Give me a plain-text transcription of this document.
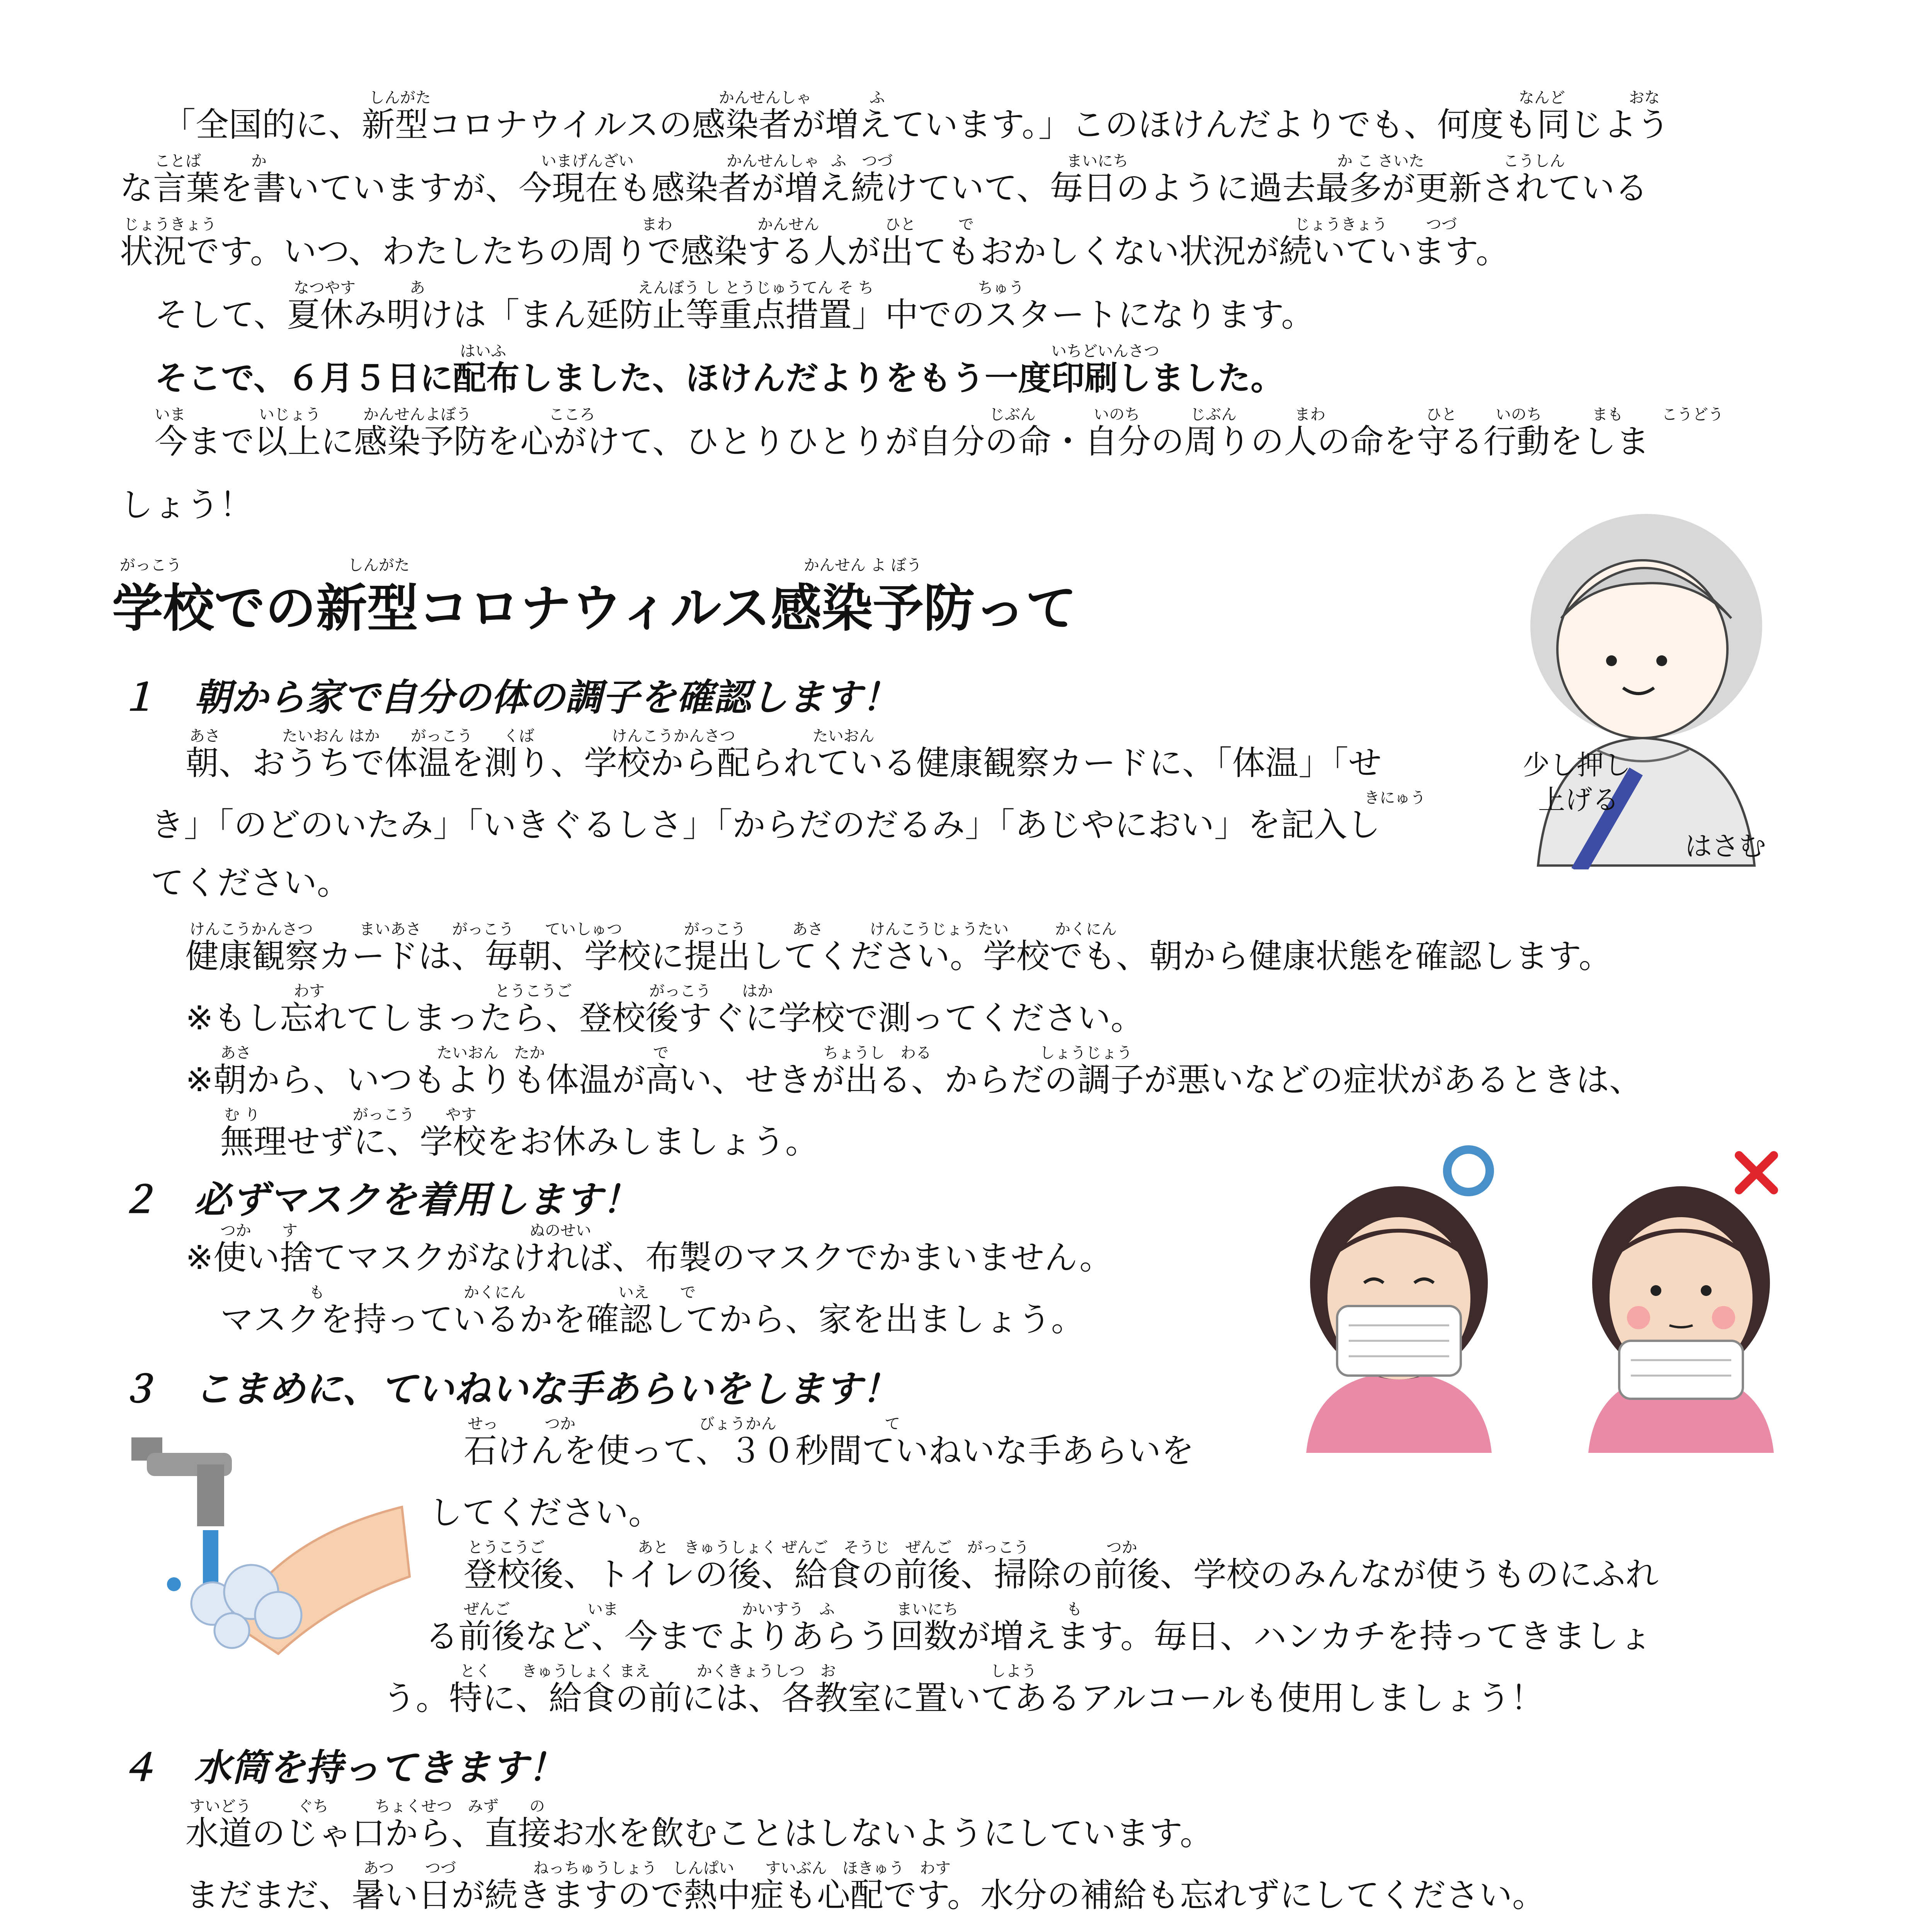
「全国的に、新型コロナウイルスの感染者が増えています。」このほけんだよりでも、何度も同じよう
な言葉を書いていますが、今現在も感染者が増え続けていて、毎日のように過去最多が更新されている
状況です。いつ、わたしたちの周りで感染する人が出てもおかしくない状況が続いています。
そして、夏休み明けは「まん延防止等重点措置」中でのスタートになります。
そこで、６月５日に配布しました、ほけんだよりをもう一度印刷しました。
今まで以上に感染予防を心がけて、ひとりひとりが自分の命・自分の周りの人の命を守る行動をしま
しょう！
しんがた	かんせんしゃ	ふ	なんど	おな
ことば	か	いまげんざい	かんせんしゃ ふ　つづ	まいにち	か こ さいた	こうしん
じょうきょう	まわ	かんせん	ひと	で	じょうきょう	つづ
なつやす	あ	えんぼう し とうじゅうてん そ ち	ちゅう
はいふ	いちどいんさつ
いま	いじょう	かんせんよぼう	こころ	じぶん	いのち	じぶん	まわ	ひと	いのち	まも	こうどう
学校での新型コロナウィルス感染予防って
がっこう	しんがた	かんせん よ ぼう
少し押し
上げる
はさむ
１　朝から家で自分の体の調子を確認します！
朝、おうちで体温を測り、学校から配られている健康観察カードに、「体温」「せ
き」「のどのいたみ」「いきぐるしさ」「からだのだるみ」「あじやにおい」を記入し
てください。
健康観察カードは、毎朝、学校に提出してください。学校でも、朝から健康状態を確認します。
※もし忘れてしまったら、登校後すぐに学校で測ってください。
※朝から、いつもよりも体温が高い、せきが出る、からだの調子が悪いなどの症状があるときは、
無理せずに、学校をお休みしましょう。
あさ　　　　たいおん はか　　がっこう　　くば　　　　　けんこうかんさつ　　　　　たいおん
きにゅう
けんこうかんさつ　　　まいあさ　　がっこう　　ていしゅつ　　　　がっこう　　　あさ　　　けんこうじょうたい　　　かくにん
わす　　　　　　　　　　　とうこうご　　　　　がっこう　　はか
あさ　　　　　　　　　　　　たいおん　たか　　　　　　　で　　　　　　　　　　ちょうし　わる　　　　　　　しょうじょう
む り　　　　　　がっこう　　やす
２　必ずマスクを着用します！
※使い捨てマスクがなければ、布製のマスクでかまいません。
マスクを持っているかを確認してから、家を出ましょう。
つか　　す　　　　　　　　　　　　　　　ぬのせい
も　　　　　　　　　かくにん　　　　　　いえ　　で
３　こまめに、ていねいな手あらいをします！
石けんを使って、３０秒間ていねいな手あらいを
してください。
登校後、トイレの後、給食の前後、掃除の前後、学校のみんなが使うものにふれ
る前後など、今までよりあらう回数が増えます。毎日、ハンカチを持ってきましょ
う。特に、給食の前には、各教室に置いてあるアルコールも使用しましょう！
せっ　　　つか　　　　　　　　びょうかん　　　　　　　て
とうこうご　　　　　　あと　きゅうしょく ぜんご　そうじ　ぜんご　がっこう　　　　　つか
ぜんご　　　　　いま　　　　　　　　かいすう　ふ　　　　まいにち　　　　　　　も
とく　　きゅうしょく まえ　　　かくきょうしつ　お　　　　　　　　　　しよう
４　水筒を持ってきます！
水道のじゃ口から、直接お水を飲むことはしないようにしています。
まだまだ、暑い日が続きますので熱中症も心配です。水分の補給も忘れずにしてください。
すいどう　　　ぐち　　　ちょくせつ　みず　　の
あつ　　つづ　　　　　ねっちゅうしょう　しんぱい　　すいぶん　ほきゅう　わす
